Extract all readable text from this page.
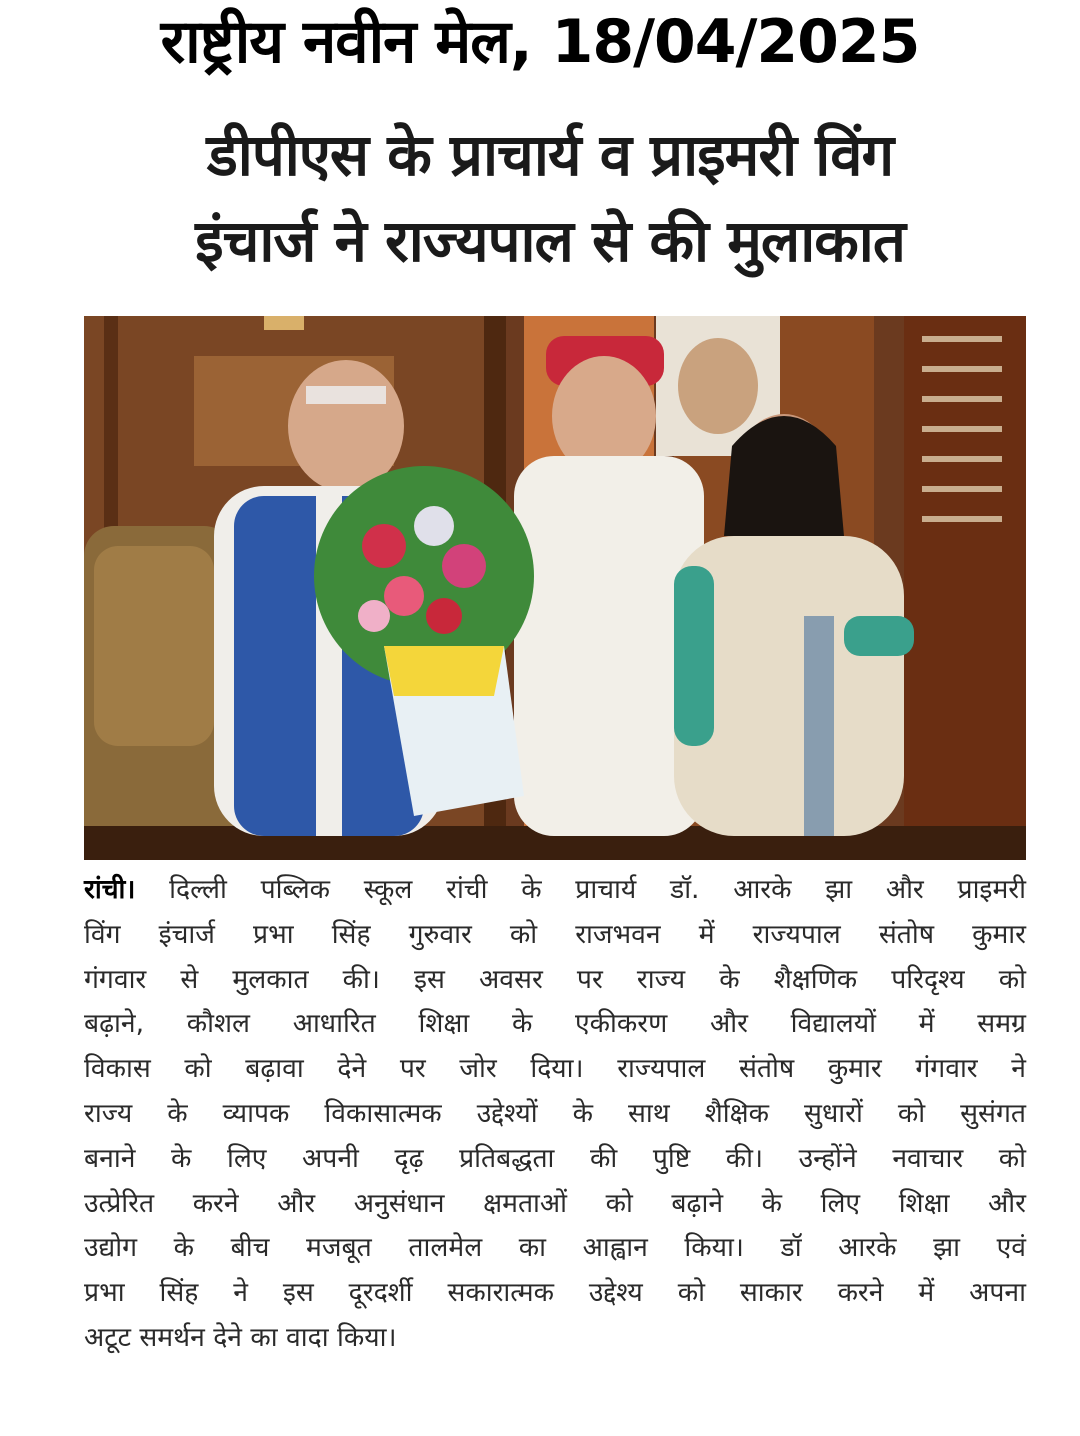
राष्ट्रीय नवीन मेल, 18/04/2025
डीपीएस के प्राचार्य व प्राइमरी विंग
इंचार्ज ने राज्यपाल से की मुलाकात
रांची। दिल्ली पब्लिक स्कूल रांची के प्राचार्य डॉ. आरके झा और प्राइमरी
विंग इंचार्ज प्रभा सिंह गुरुवार को राजभवन में राज्यपाल संतोष कुमार
गंगवार से मुलकात की। इस अवसर पर राज्य के शैक्षणिक परिदृश्य को
बढ़ाने, कौशल आधारित शिक्षा के एकीकरण और विद्यालयों में समग्र
विकास को बढ़ावा देने पर जोर दिया। राज्यपाल संतोष कुमार गंगवार ने
राज्य के व्यापक विकासात्मक उद्देश्यों के साथ शैक्षिक सुधारों को सुसंगत
बनाने के लिए अपनी दृढ़ प्रतिबद्धता की पुष्टि की। उन्होंने नवाचार को
उत्प्रेरित करने और अनुसंधान क्षमताओं को बढ़ाने के लिए शिक्षा और
उद्योग के बीच मजबूत तालमेल का आह्वान किया। डॉ आरके झा एवं
प्रभा सिंह ने इस दूरदर्शी सकारात्मक उद्देश्य को साकार करने में अपना
अटूट समर्थन देने का वादा किया।
